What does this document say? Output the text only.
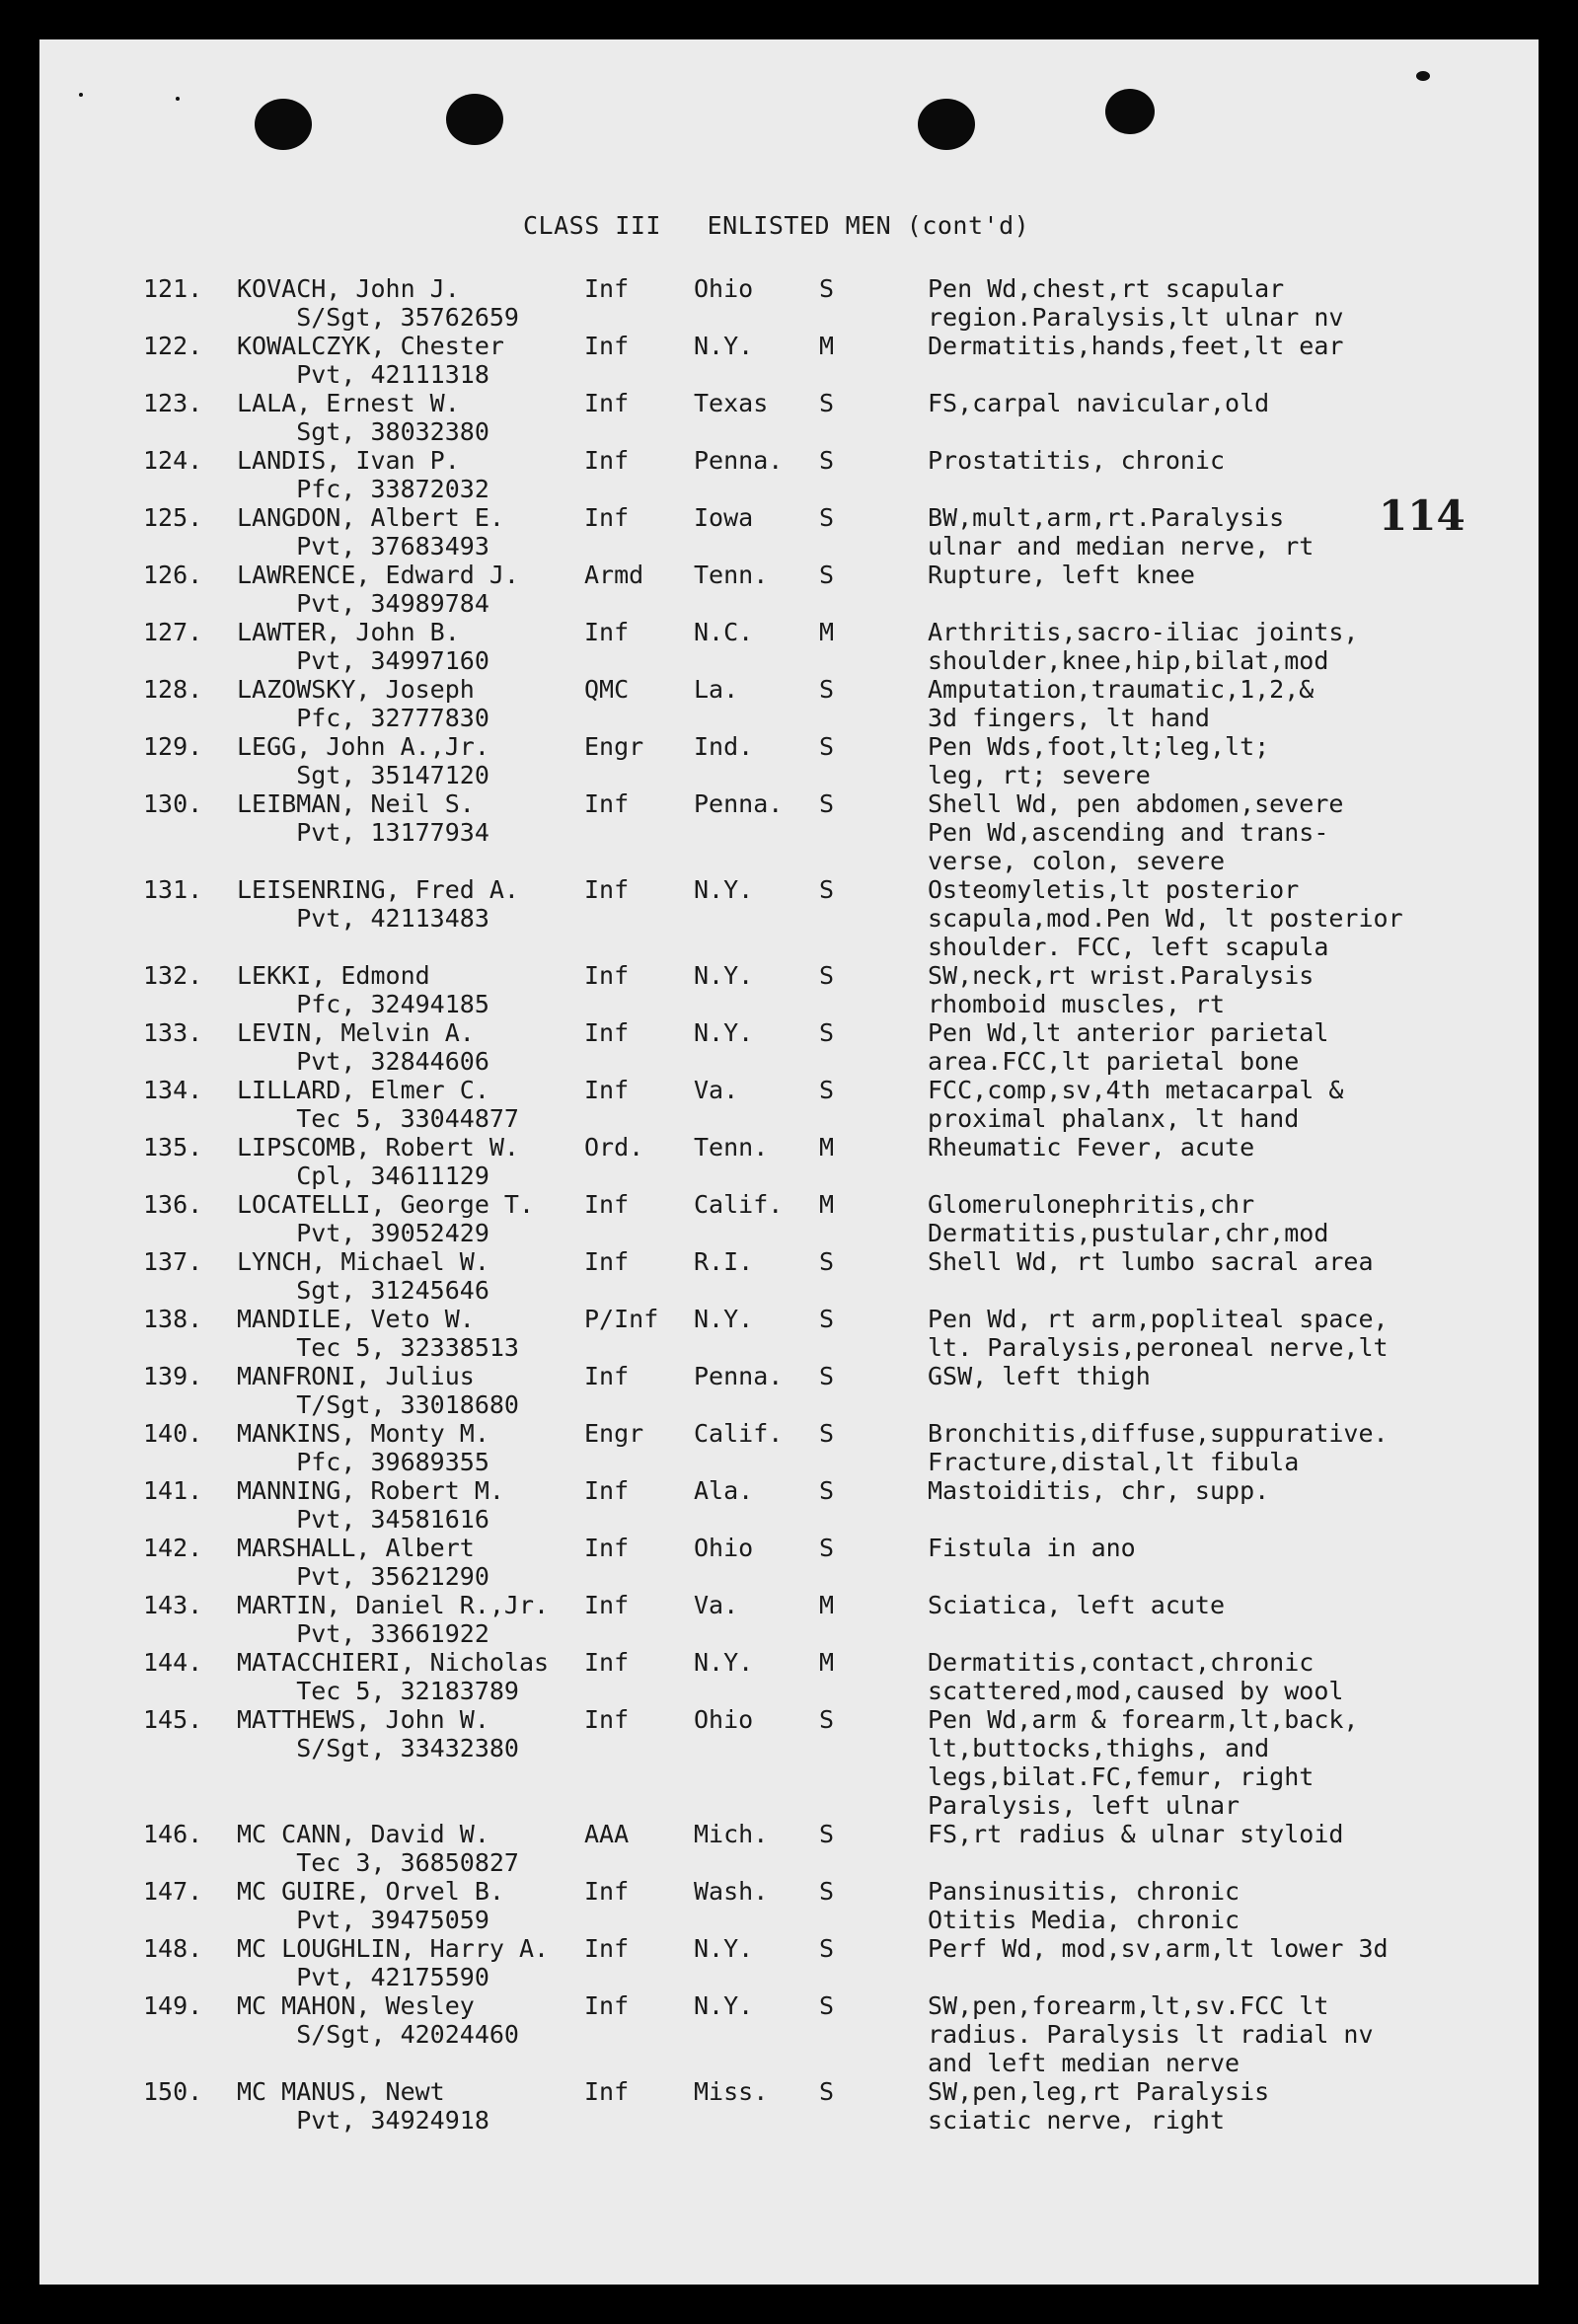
CLASS III   ENLISTED MEN (cont'd)
114
121. KOVACH, John J.
S/Sgt, 35762659
Inf	Ohio	S	Pen Wd,chest,rt scapular
region.Paralysis,lt ulnar nv
122. KOWALCZYK, Chester
Pvt, 42111318
Inf	N.Y.	M	Dermatitis,hands,feet,lt ear
123. LALA, Ernest W.
Sgt, 38032380
Inf	Texas S	FS,carpal navicular,old
124. LANDIS, Ivan P.
Pfc, 33872032
Inf	Penna. S	Prostatitis, chronic
125. LANGDON, Albert E.
Pvt, 37683493
Inf	Iowa	S	BW,mult,arm,rt.Paralysis
ulnar and median nerve, rt
126. LAWRENCE, Edward J.
Pvt, 34989784
Armd Tenn. S	Rupture, left knee
127. LAWTER, John B.
Pvt, 34997160
Inf	N.C.	M	Arthritis,sacro-iliac joints,
shoulder,knee,hip,bilat,mod
128. LAZOWSKY, Joseph
Pfc, 32777830
QMC	La.	S	Amputation,traumatic,1,2,&
3d fingers, lt hand
129. LEGG, John A.,Jr.
Sgt, 35147120
Engr Ind.	S	Pen Wds,foot,lt;leg,lt;
leg, rt; severe
130. LEIBMAN, Neil S.
Pvt, 13177934
Inf	Penna. S	Shell Wd, pen abdomen,severe
Pen Wd,ascending and trans-
verse, colon, severe
131. LEISENRING, Fred A.
Pvt, 42113483
Inf	N.Y.	S	Osteomyletis,lt posterior
scapula,mod.Pen Wd, lt posterior
shoulder. FCC, left scapula
132. LEKKI, Edmond
Pfc, 32494185
Inf	N.Y.	S	SW,neck,rt wrist.Paralysis
rhomboid muscles, rt
133. LEVIN, Melvin A.
Pvt, 32844606
Inf	N.Y.	S	Pen Wd,lt anterior parietal
area.FCC,lt parietal bone
134. LILLARD, Elmer C.
Tec 5, 33044877
Inf	Va.	S	FCC,comp,sv,4th metacarpal &
proximal phalanx, lt hand
135. LIPSCOMB, Robert W.
Cpl, 34611129
Ord. Tenn. M	Rheumatic Fever, acute
136. LOCATELLI, George T.
Pvt, 39052429
Inf	Calif. M	Glomerulonephritis,chr
Dermatitis,pustular,chr,mod
137. LYNCH, Michael W.
Sgt, 31245646
Inf	R.I.	S	Shell Wd, rt lumbo sacral area
138. MANDILE, Veto W.
Tec 5, 32338513
P/Inf N.Y.	S	Pen Wd, rt arm,popliteal space,
lt. Paralysis,peroneal nerve,lt
139. MANFRONI, Julius
T/Sgt, 33018680
Inf	Penna. S	GSW, left thigh
140. MANKINS, Monty M.
Pfc, 39689355
Engr Calif. S	Bronchitis,diffuse,suppurative.
Fracture,distal,lt fibula
141. MANNING, Robert M.
Pvt, 34581616
Inf	Ala.	S	Mastoiditis, chr, supp.
142. MARSHALL, Albert
Pvt, 35621290
Inf	Ohio	S	Fistula in ano
143. MARTIN, Daniel R.,Jr.
Pvt, 33661922
Inf	Va.	M	Sciatica, left acute
144. MATACCHIERI, Nicholas
Tec 5, 32183789
Inf	N.Y.	M	Dermatitis,contact,chronic
scattered,mod,caused by wool
145. MATTHEWS, John W.
S/Sgt, 33432380
Inf	Ohio	S	Pen Wd,arm & forearm,lt,back,
lt,buttocks,thighs, and
legs,bilat.FC,femur, right
Paralysis, left ulnar
146. MC CANN, David W.
Tec 3, 36850827
AAA	Mich. S	FS,rt radius & ulnar styloid
147. MC GUIRE, Orvel B.
Pvt, 39475059
Inf	Wash. S	Pansinusitis, chronic
Otitis Media, chronic
148. MC LOUGHLIN, Harry A.
Pvt, 42175590
Inf	N.Y.	S	Perf Wd, mod,sv,arm,lt lower 3d
149. MC MAHON, Wesley
S/Sgt, 42024460
Inf	N.Y.	S	SW,pen,forearm,lt,sv.FCC lt
radius. Paralysis lt radial nv
and left median nerve
150. MC MANUS, Newt
Pvt, 34924918
Inf	Miss. S	SW,pen,leg,rt Paralysis
sciatic nerve, right
